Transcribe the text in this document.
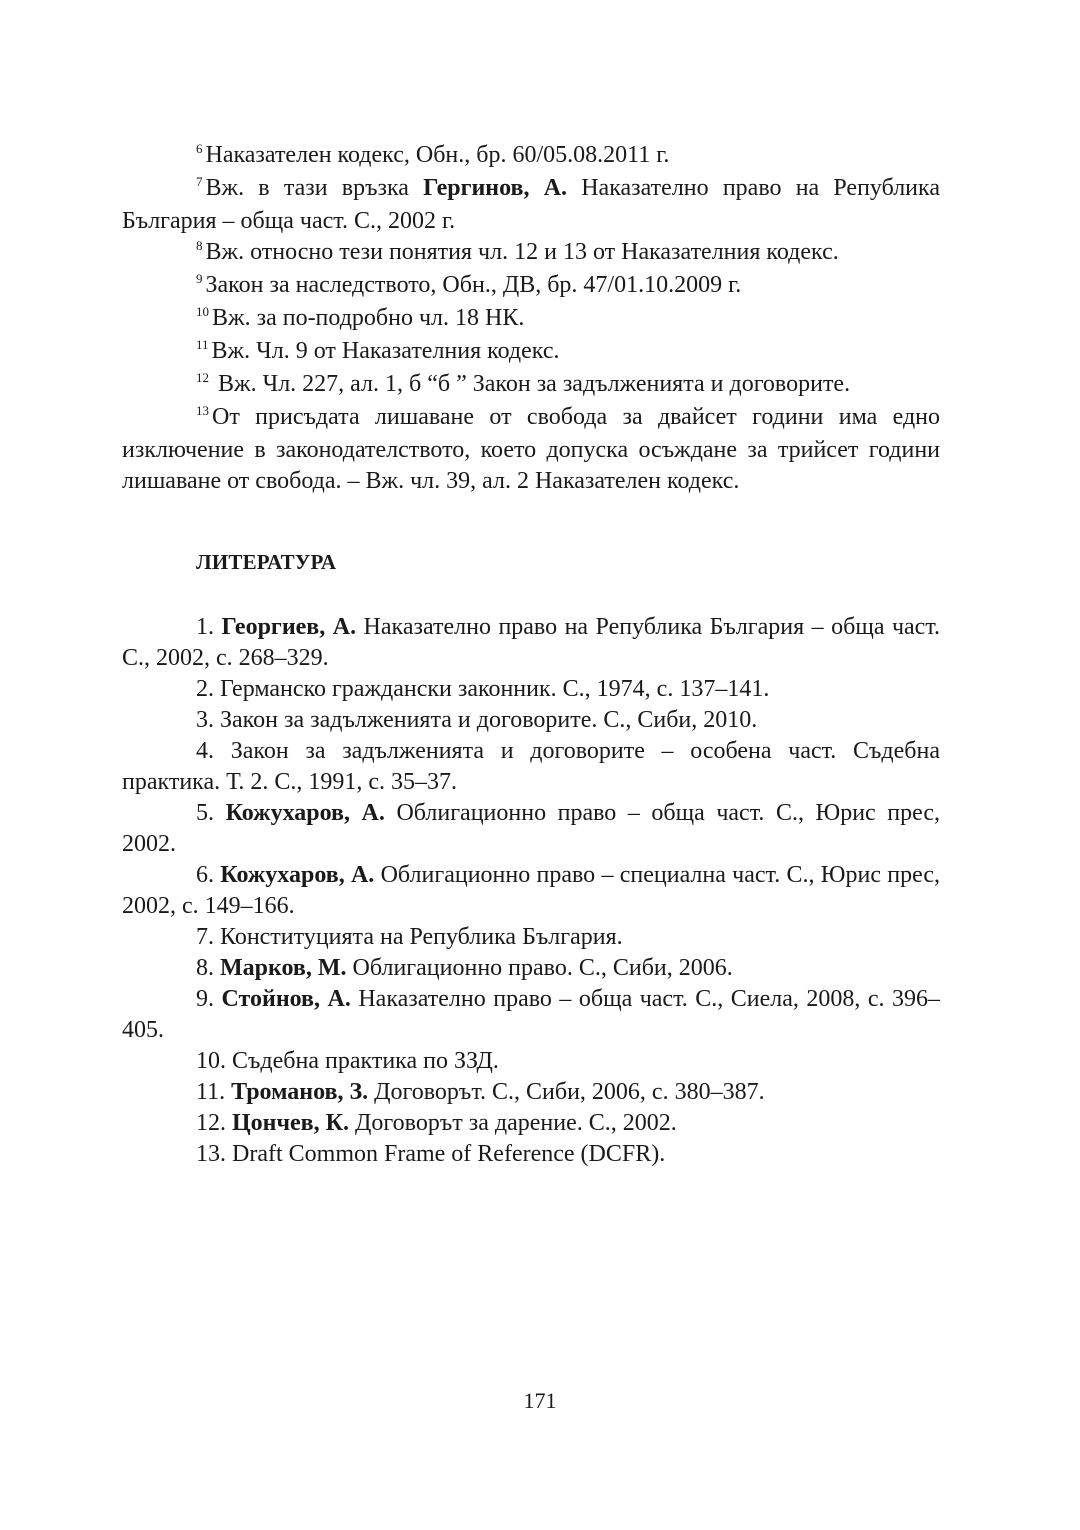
$^6$ Наказателен кодекс, Обн., бр. 60/05.08.2011 г.

$^7$ Вж. в тази връзка Гергинов, А. Наказателно право на Република България – обща част. С., 2002 г.

$^8$ Вж. относно тези понятия чл. 12 и 13 от Наказателния кодекс.

$^9$ Закон за наследството, Обн., ДВ, бр. 47/01.10.2009 г.

$^{10}$ Вж. за по-подробно чл. 18 НК.

$^{11}$ Вж. Чл. 9 от Наказателния кодекс.

$^{12}$ Вж. Чл. 227, ал. 1, б “б ” Закон за задълженията и договорите.

$^{13}$ От присъдата лишаване от свобода за двайсет години има едно изключение в законодателството, което допуска осъждане за трийсет години лишаване от свобода. – Вж. чл. 39, ал. 2 Наказателен кодекс.

ЛИТЕРАТУРА

1. Георгиев, А. Наказателно право на Република България – обща част. С., 2002, с. 268–329.

2. Германско граждански законник. С., 1974, с. 137–141.

3. Закон за задълженията и договорите. С., Сиби, 2010.

4. Закон за задълженията и договорите – особена част. Съдебна практика. Т. 2. С., 1991, с. 35–37.

5. Кожухаров, А. Облигационно право – обща част. С., Юрис прес, 2002.

6. Кожухаров, А. Облигационно право – специална част. С., Юрис прес, 2002, с. 149–166.

7. Конституцията на Република България.

8. Марков, М. Облигационно право. С., Сиби, 2006.

9. Стойнов, А. Наказателно право – обща част. С., Сиела, 2008, с. 396–405.

10. Съдебна практика по ЗЗД.

11. Троманов, З. Договорът. С., Сиби, 2006, с. 380–387.

12. Цончев, К. Договорът за дарение. С., 2002.

13. Draft Common Frame of Reference (DCFR).

171
